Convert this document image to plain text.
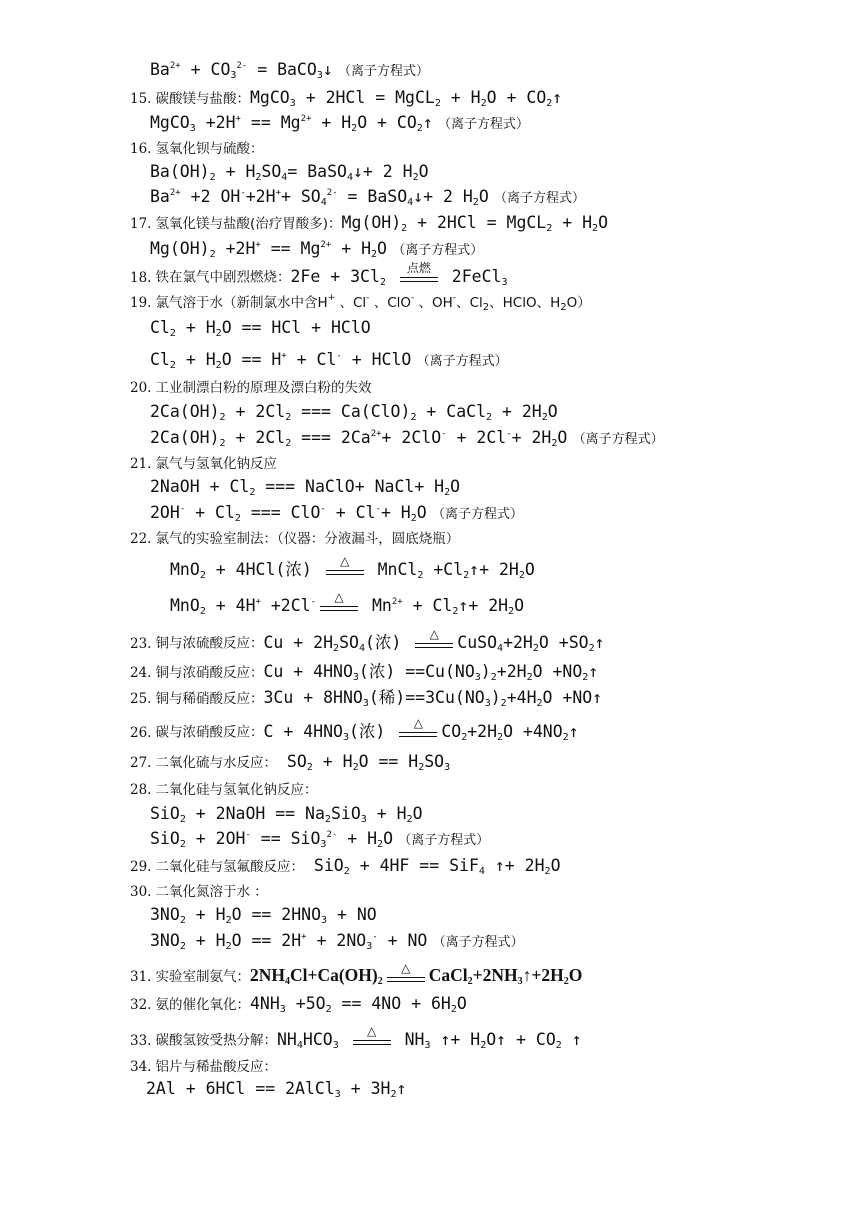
$Ba^{2+} + CO_3^{2-}$ = BaCO$_3$↓ （离子方程式）
15. 碳酸镁与盐酸：MgCO$_3$ + 2HCl = MgCL$_2$ + $H_2O$ + $CO_2↑$
MgCO$_3$ $+2H^+ == Mg^{2+} + H_2O$ + $CO_2↑$ （离子方程式）
16. 氢氧化钡与硫酸：
$Ba(OH)_2 + H_2SO_4=$ BaSO$_4$↓+ 2 $H_2O$
$Ba^{2+} +2$ $OH^-+2H^++ SO_4^{2-}$ = BaSO$_4$↓+ 2 $H_2O$ （离子方程式）
17. 氢氧化镁与盐酸(治疗胃酸多)：$Mg(OH)_2 + 2HCl$ = MgCL$_2$ + $H_2O$
$Mg(OH)_2 +2H^+ == Mg^{2+} + H_2O$ （离子方程式）
18. 铁在氯气中剧烈燃烧：$2Fe + 3Cl_2$
点燃 2FeCl$_3$
19. 氯气溶于水（新制氯水中含H+ 、Cl- 、ClO- 、OH-、$Cl_2$、HClO、$H_2O$）
$Cl_2 + H_2O$ == HCl + HClO
$Cl_2 + H_2O == H^+ + Cl^-$ + HClO （离子方程式）
20. 工业制漂白粉的原理及漂白粉的失效
$2Ca(OH)_2 + 2Cl_2$ === $Ca(ClO)_2$ + CaCl$_2$ + $2H_2O$
$2Ca(OH)_2 + 2Cl_2$ === $2Ca^{2+}+ 2ClO^- + 2Cl^-+ 2H_2O$ （离子方程式）
21. 氯气与氢氧化钠反应
2NaOH + $Cl_2$ === NaClO+ NaCl+ $H_2O$
$2OH^- + Cl_2$ === $ClO^- + Cl^-+ H_2O$ （离子方程式）
22. 氯气的实验室制法：（仪器：分液漏斗，圆底烧瓶）
MnO$_2$ + 4HCl(浓)	△	MnCl$_2$ $+Cl_2↑+ 2H_2O$
MnO$_2$ + 4H+ +2Cl-	△	$Mn^{2+}$ + $Cl_2↑+ 2H_2O$
23. 铜与浓硫酸反应：$Cu + 2H_2SO_4$(浓)	△	$CuSO_4+2H_2O$ $+SO_2↑$
24. 铜与浓硝酸反应：$Cu + 4HNO_3$(浓) $==Cu(NO_3)_2+2H_2O$ $+NO_2↑$
25. 铜与稀硝酸反应：$3Cu + 8HNO_3$(稀)$==3Cu(NO_3)_2+4H_2O$ +NO↑
26. 碳与浓硝酸反应：$C + 4HNO_3$(浓)	△	$CO_2+2H_2O$ $+4NO_2↑$
27. 二氧化硫与水反应： $SO_2 + H_2O == H_2SO_3$
28. 二氧化硅与氢氧化钠反应：
SiO$_2$ + 2NaOH == $Na_2SiO_3 + H_2O$
$SiO_2 + 2OH^- == SiO_3^{2-} + H_2O$ （离子方程式）
29. 二氧化硅与氢氟酸反应： SiO$_2$ + 4HF == SiF$_4$ ↑+ $2H_2O$
30. 二氧化氮溶于水 ：
$3NO_2 + H_2O == 2HNO_3$ + NO
$3NO_2 + H_2O == 2H^+ + 2NO_3^-$ + NO （离子方程式）
31. 实验室制氨气：$2NH_4Cl+Ca(OH)_2$
△	$CaCl_2+2NH_3↑+2H_2O$
32. 氨的催化氧化：$4NH_3 +5O_2 == 4NO + 6H_2O$
33. 碳酸氢铵受热分解：$NH_4HCO_3$
△	$NH_3$ ↑+ $H_2O↑ + CO_2$ ↑
34. 铝片与稀盐酸反应：
2Al + 6HCl == 2AlCl$_3$ + $3H_2↑$
